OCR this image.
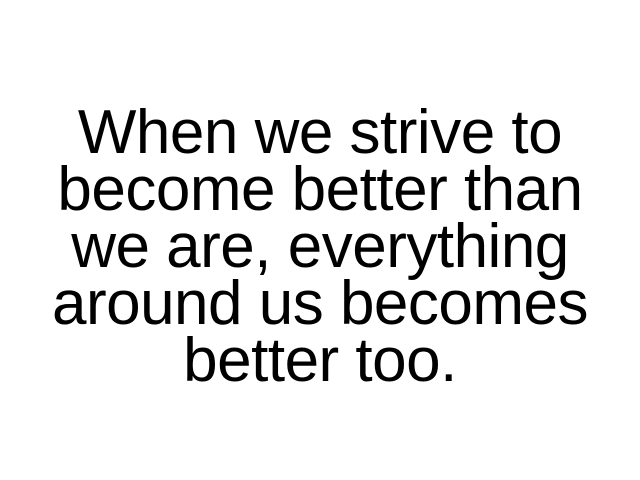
When we strive to
become better than
we are, everything
around us becomes
better too.
